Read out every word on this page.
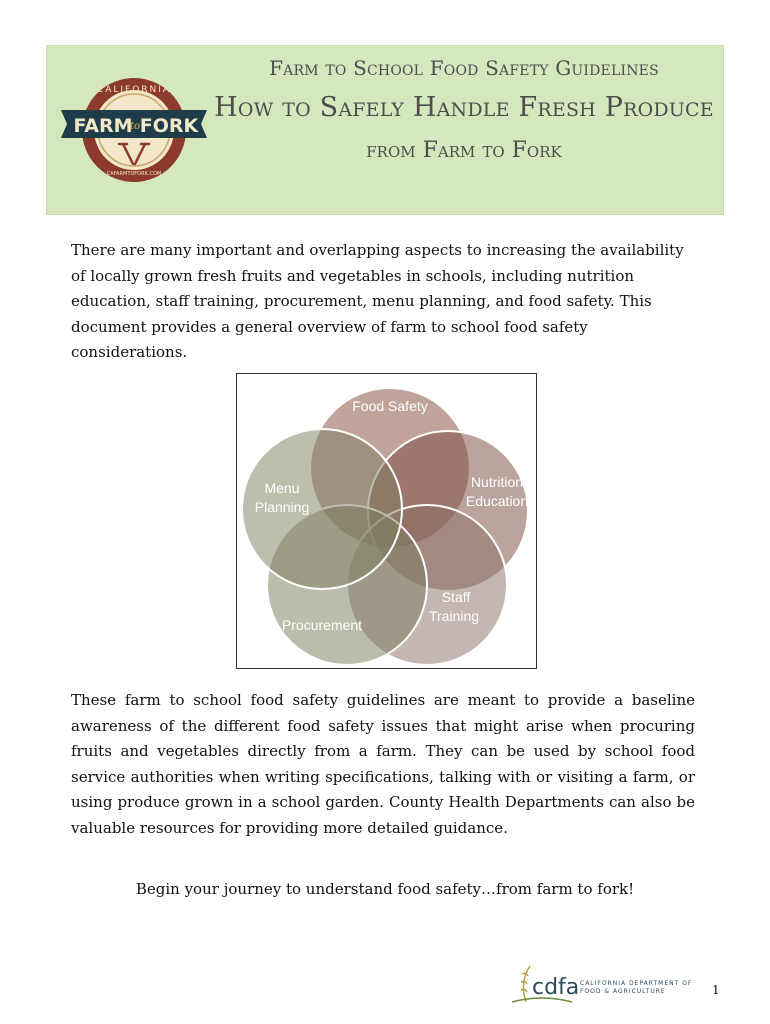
CALIFORNIA
FARM
to FORK
CAFARMTOFORK.COM
Farm to School Food Safety Guidelines
How to Safely Handle Fresh Produce
from Farm to Fork

There are many important and overlapping aspects to increasing the availability of locally grown fresh fruits and vegetables in schools, including nutrition education, staff training, procurement, menu planning, and food safety. This document provides a general overview of farm to school food safety considerations.

Food Safety
Nutrition
Education
Staff
Training
Procurement
Menu
Planning

These farm to school food safety guidelines are meant to provide a baseline awareness of the different food safety issues that might arise when procuring fruits and vegetables directly from a farm. They can be used by school food service authorities when writing specifications, talking with or visiting a farm, or using produce grown in a school garden. County Health Departments can also be valuable resources for providing more detailed guidance.

Begin your journey to understand food safety…from farm to fork!

cdfa CALIFORNIA DEPARTMENT OF
FOOD & AGRICULTURE	1
